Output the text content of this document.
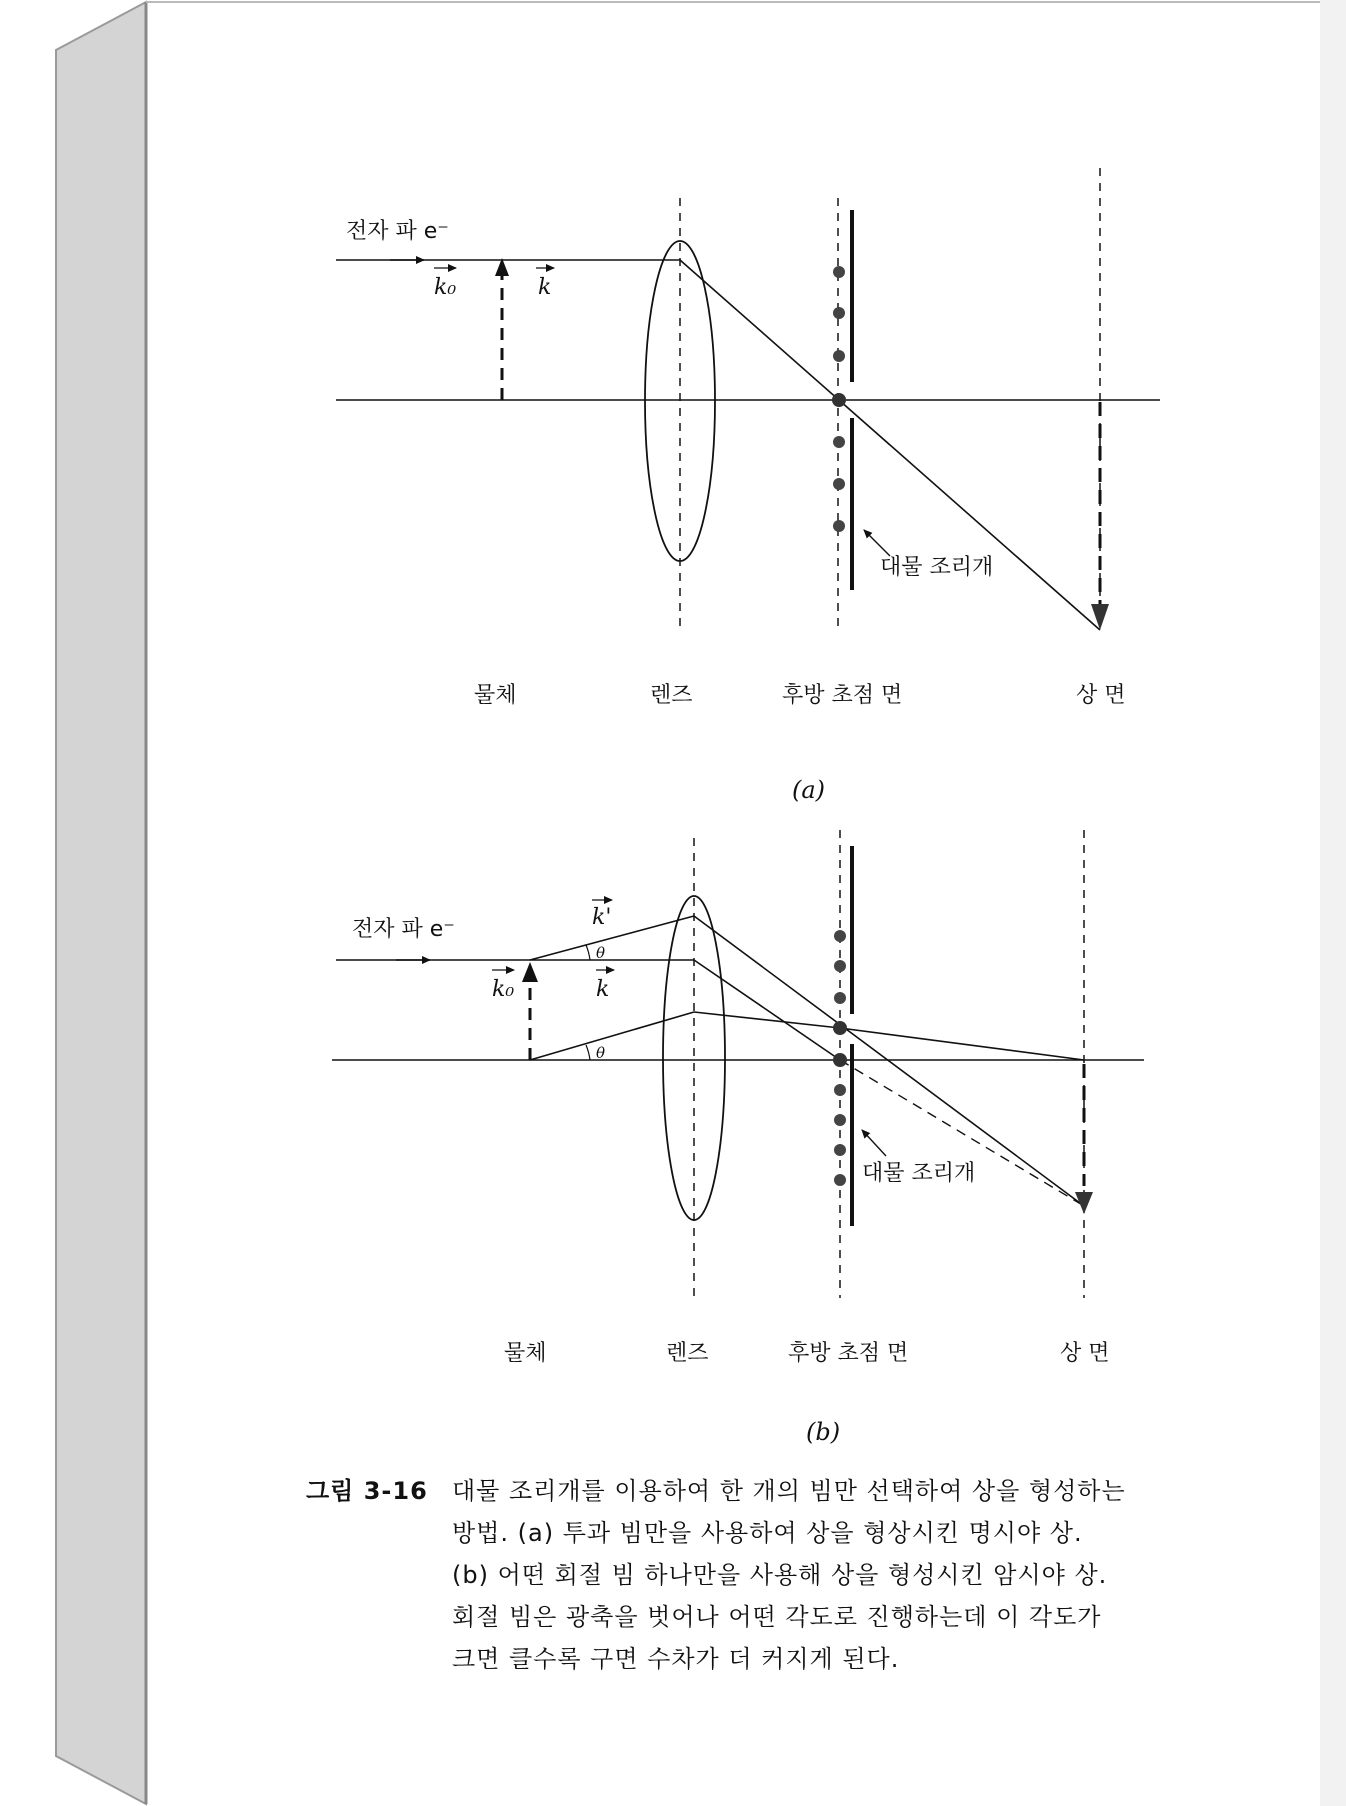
전자 파 e⁻
k₀	k
대물 조리개
물체	렌즈	후방 초점 면	상 면
(a)
전자 파 e⁻	k'
k₀	k
θ
θ
대물 조리개
물체	렌즈	후방 초점 면	상 면
(b)
그림 3-16 대물 조리개를 이용하여 한 개의 빔만 선택하여 상을 형성하는
방법. (a) 투과 빔만을 사용하여 상을 형상시킨 명시야 상.
(b) 어떤 회절 빔 하나만을 사용해 상을 형성시킨 암시야 상.
회절 빔은 광축을 벗어나 어떤 각도로 진행하는데 이 각도가
크면 클수록 구면 수차가 더 커지게 된다.
